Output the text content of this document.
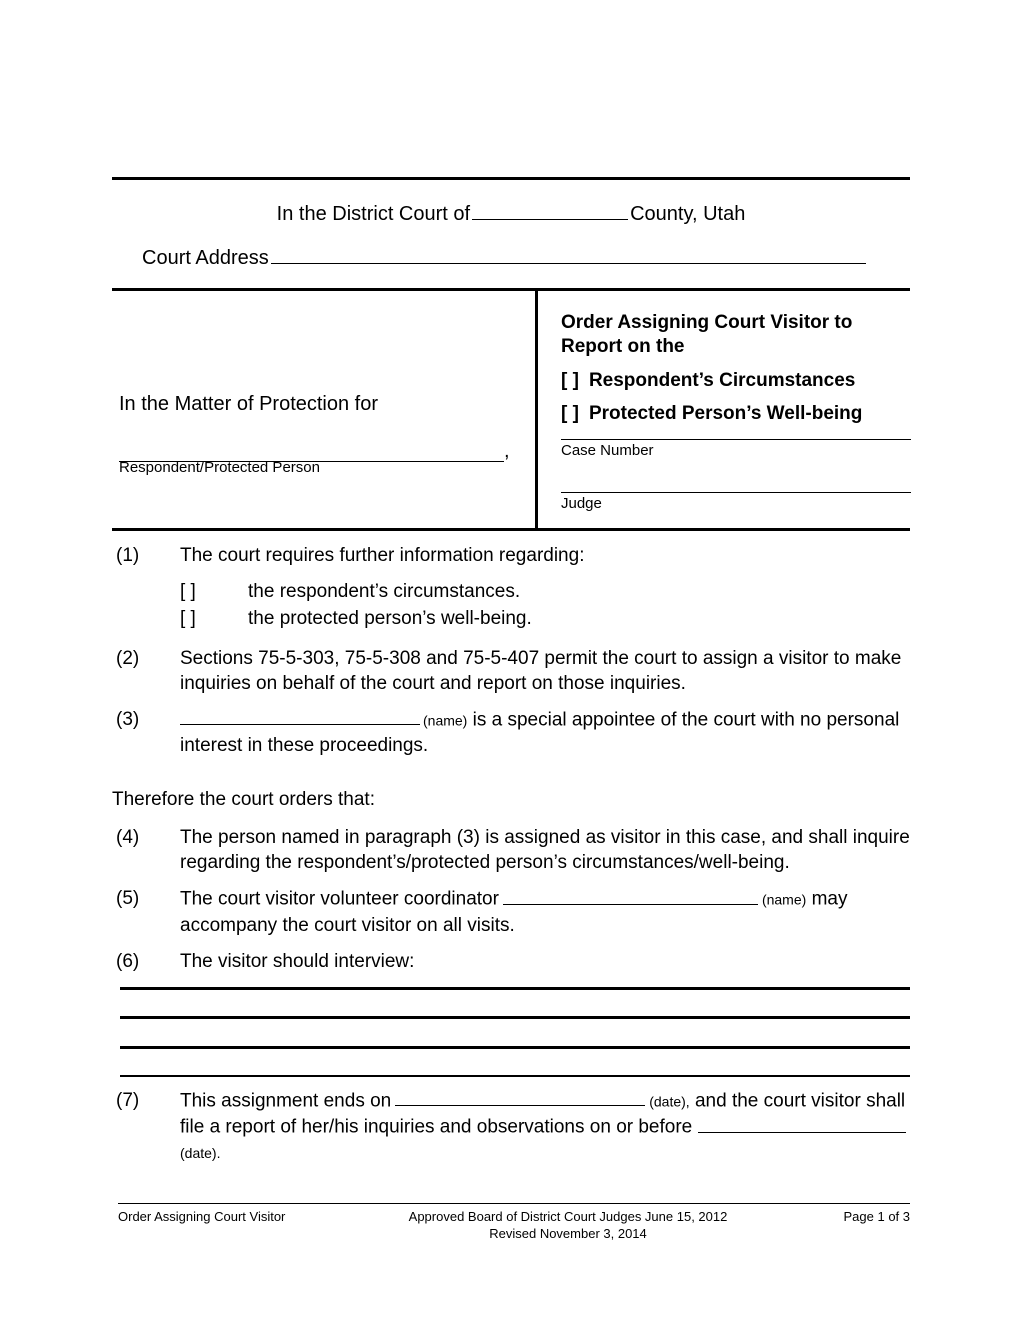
In the District Court of	County, Utah
Court Address
In the Matter of Protection for
,
Respondent/Protected Person
Order Assigning Court Visitor to Report on the
[ ] Respondent’s Circumstances
[ ] Protected Person’s Well-being
Case Number
Judge
(1) The court requires further information regarding:

[ ]	the respondent’s circumstances.
[ ]	the protected person’s well-being.
(2) Sections 75-5-303, 75-5-308 and 75-5-407 permit the court to assign a visitor to make inquiries on behalf of the court and report on those inquiries.

(3)	(name) is a special appointee of the court with no personal interest in these proceedings.

Therefore the court orders that:
(4) The person named in paragraph (3) is assigned as visitor in this case, and shall inquire regarding the respondent’s/protected person’s circumstances/well-being.

(5) The court visitor volunteer coordinator	(name) may accompany the court visitor on all visits.

(6) The visitor should interview:

(7) This assignment ends on	(date), and the court visitor shall file a report of her/his inquiries and observations on or before (date).

Order Assigning Court Visitor	Approved Board of District Court Judges June 15, 2012
Revised November 3, 2014
Page 1 of 3
